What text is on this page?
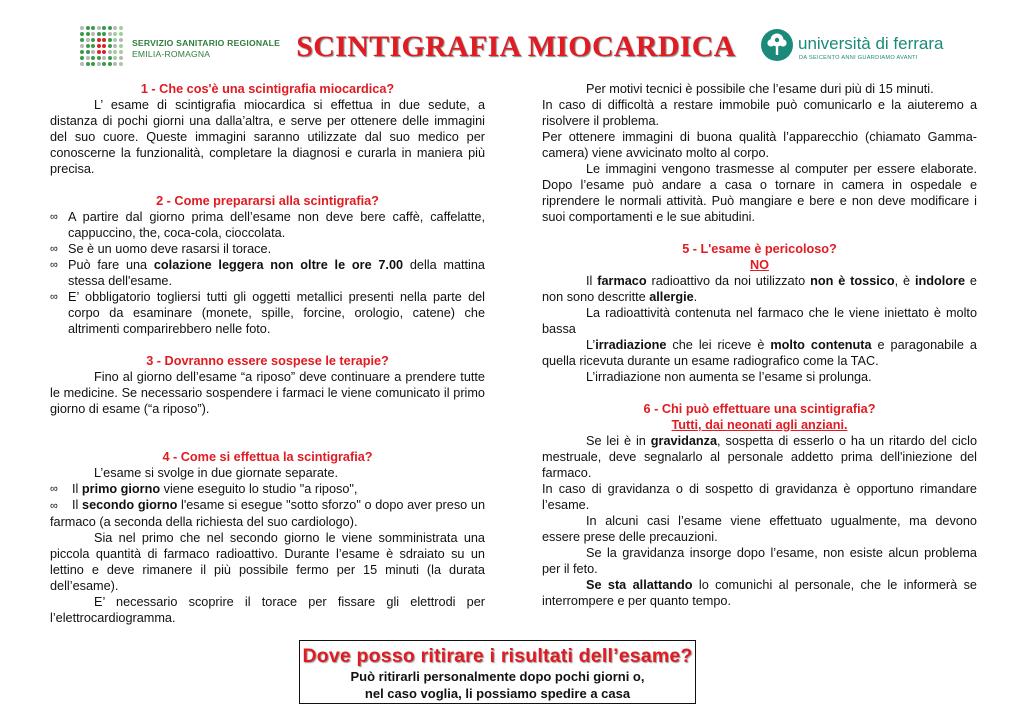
SERVIZIO SANITARIO REGIONALE
EMILIA-ROMAGNA	SCINTIGRAFIA MIOCARDICA	università di ferrara
DA SEICENTO ANNI GUARDIAMO AVANTI
1 - Che cos'è una scintigrafia miocardica?

L’ esame di scintigrafia miocardica si effettua in due sedute, a distanza di pochi giorni una dalla’altra, e serve per ottenere delle immagini del suo cuore. Queste immagini saranno utilizzate dal suo medico per conoscerne la funzionalità, completare la diagnosi e curarla in maniera più precisa.

2 - Come prepararsi alla scintigrafia?
∞ A partire dal giorno prima dell’esame non deve bere caffè, caffelatte, cappuccino, the, coca-cola, cioccolata.
∞ Se è un uomo deve rasarsi il torace.
∞ Può fare una colazione leggera non oltre le ore 7.00 della mattina stessa dell'esame.
∞ E’ obbligatorio togliersi tutti gli oggetti metallici presenti nella parte del corpo da esaminare (monete, spille, forcine, orologio, catene) che altrimenti comparirebbero nelle foto.
3 - Dovranno essere sospese le terapie?

Fino al giorno dell’esame “a riposo” deve continuare a prendere tutte le medicine. Se necessario sospendere i farmaci le viene comunicato il primo giorno di esame (“a riposo”).

4 - Come si effettua la scintigrafia?

L’esame si svolge in due giornate separate.

∞ Il primo giorno viene eseguito lo studio "a riposo",
∞ Il secondo giorno l'esame si esegue "sotto sforzo" o dopo aver preso un farmaco (a seconda della richiesta del suo cardiologo).

Sia nel primo che nel secondo giorno le viene somministrata una piccola quantità di farmaco radioattivo. Durante l’esame è sdraiato su un lettino e deve rimanere il più possibile fermo per 15 minuti (la durata dell’esame).

E’ necessario scoprire il torace per fissare gli elettrodi per l’elettrocardiogramma.

Per motivi tecnici è possibile che l’esame duri più di 15 minuti.

In caso di difficoltà a restare immobile può comunicarlo e la aiuteremo a risolvere il problema.

Per ottenere immagini di buona qualità l’apparecchio (chiamato Gamma-camera) viene avvicinato molto al corpo.

Le immagini vengono trasmesse al computer per essere elaborate. Dopo l’esame può andare a casa o tornare in camera in ospedale e riprendere le normali attività. Può mangiare e bere e non deve modificare i suoi comportamenti e le sue abitudini.

5 - L'esame è pericoloso?
NO

Il farmaco radioattivo da noi utilizzato non è tossico, è indolore e non sono descritte allergie.

La radioattività contenuta nel farmaco che le viene iniettato è molto bassa

L’irradiazione che lei riceve è molto contenuta e paragonabile a quella ricevuta durante un esame radiografico come la TAC.

L’irradiazione non aumenta se l’esame si prolunga.

6 - Chi può effettuare una scintigrafia?
Tutti, dai neonati agli anziani.

Se lei è in gravidanza, sospetta di esserlo o ha un ritardo del ciclo mestruale, deve segnalarlo al personale addetto prima dell'iniezione del farmaco.

In caso di gravidanza o di sospetto di gravidanza è opportuno rimandare l’esame.

In alcuni casi l’esame viene effettuato ugualmente, ma devono essere prese delle precauzioni.

Se la gravidanza insorge dopo l’esame, non esiste alcun problema per il feto.

Se sta allattando lo comunichi al personale, che le informerà se interrompere e per quanto tempo.

Dove posso ritirare i risultati dell’esame?
Può ritirarli personalmente dopo pochi giorni o,
nel caso voglia, li possiamo spedire a casa
